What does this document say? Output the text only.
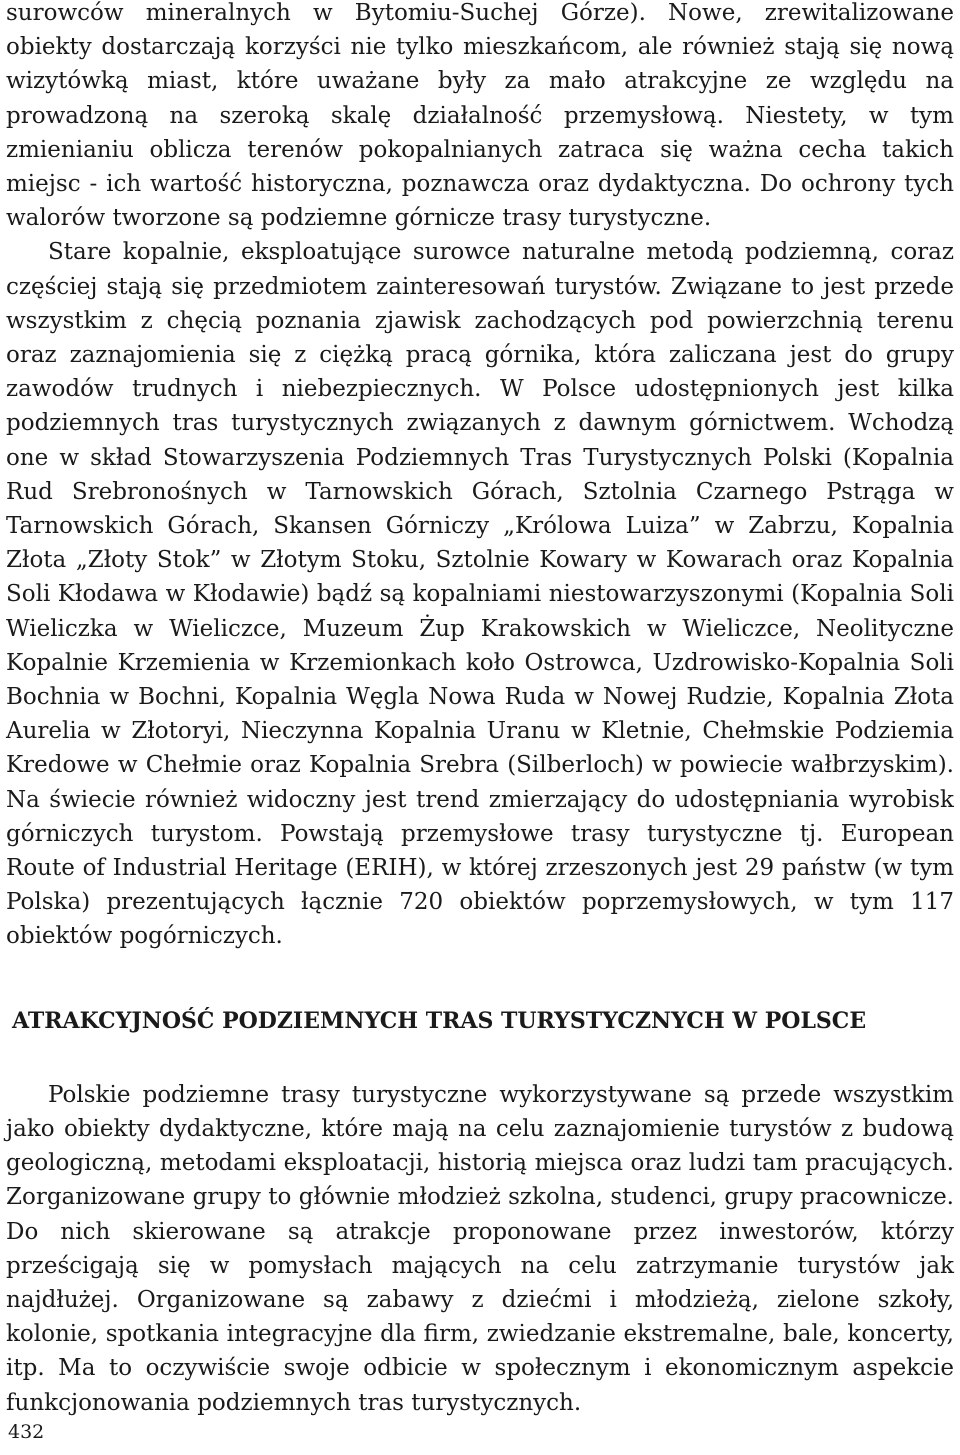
surowców mineralnych w Bytomiu-Suchej Górze). Nowe, zrewitalizowane obiekty dostarczają korzyści nie tylko mieszkańcom, ale również stają się nową wizytówką miast, które uważane były za mało atrakcyjne ze względu na prowadzoną na szeroką skalę działalność przemysłową. Niestety, w tym zmienianiu oblicza terenów pokopalnianych zatraca się ważna cecha takich miejsc - ich wartość historyczna, poznawcza oraz dydaktyczna. Do ochrony tych walorów tworzone są podziemne górnicze trasy turystyczne.

Stare kopalnie, eksploatujące surowce naturalne metodą podziemną, coraz częściej stają się przedmiotem zainteresowań turystów. Związane to jest przede wszystkim z chęcią poznania zjawisk zachodzących pod powierzchnią terenu oraz zaznajomienia się z ciężką pracą górnika, która zaliczana jest do grupy zawodów trudnych i niebezpiecznych. W Polsce udostępnionych jest kilka podziemnych tras turystycznych związanych z dawnym górnictwem. Wchodzą one w skład Stowarzyszenia Podziemnych Tras Turystycznych Polski (Kopalnia Rud Srebronośnych w Tarnowskich Górach, Sztolnia Czarnego Pstrąga w Tarnowskich Górach, Skansen Górniczy „Królowa Luiza” w Zabrzu, Kopalnia Złota „Złoty Stok” w Złotym Stoku, Sztolnie Kowary w Kowarach oraz Kopalnia Soli Kłodawa w Kłodawie) bądź są kopalniami niestowarzyszonymi (Kopalnia Soli Wieliczka w Wieliczce, Muzeum Żup Krakowskich w Wieliczce, Neolityczne Kopalnie Krzemienia w Krzemionkach koło Ostrowca, Uzdrowisko-Kopalnia Soli Bochnia w Bochni, Kopalnia Węgla Nowa Ruda w Nowej Rudzie, Kopalnia Złota Aurelia w Złotoryi, Nieczynna Kopalnia Uranu w Kletnie, Chełmskie Podziemia Kredowe w Chełmie oraz Kopalnia Srebra (Silberloch) w powiecie wałbrzyskim). Na świecie również widoczny jest trend zmierzający do udostępniania wyrobisk górniczych turystom. Powstają przemysłowe trasy turystyczne tj. European Route of Industrial Heritage (ERIH), w której zrzeszonych jest 29 państw (w tym Polska) prezentujących łącznie 720 obiektów poprzemysłowych, w tym 117 obiektów pogórniczych.

ATRAKCYJNOŚĆ PODZIEMNYCH TRAS TURYSTYCZNYCH W POLSCE

Polskie podziemne trasy turystyczne wykorzystywane są przede wszystkim jako obiekty dydaktyczne, które mają na celu zaznajomienie turystów z budową geologiczną, metodami eksploatacji, historią miejsca oraz ludzi tam pracujących. Zorganizowane grupy to głównie młodzież szkolna, studenci, grupy pracownicze. Do nich skierowane są atrakcje proponowane przez inwestorów, którzy prześcigają się w pomysłach mających na celu zatrzymanie turystów jak najdłużej. Organizowane są zabawy z dziećmi i młodzieżą, zielone szkoły, kolonie, spotkania integracyjne dla firm, zwiedzanie ekstremalne, bale, koncerty, itp. Ma to oczywiście swoje odbicie w społecznym i ekonomicznym aspekcie funkcjonowania podziemnych tras turystycznych.

432
